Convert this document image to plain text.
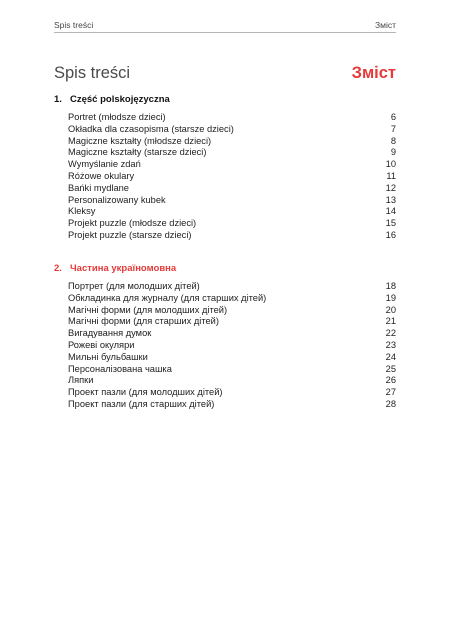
Spis treści	Зміст
Spis treści	Зміст
1. Część polskojęzyczna
Portret (młodsze dzieci)	6
Okładka dla czasopisma (starsze dzieci)	7
Magiczne kształty (młodsze dzieci)	8
Magiczne kształty (starsze dzieci)	9
Wymyślanie zdań	10
Różowe okulary	11
Bańki mydlane	12
Personalizowany kubek	13
Kleksy	14
Projekt puzzle (młodsze dzieci)	15
Projekt puzzle (starsze dzieci)	16
2. Частина україномовна
Портрет (для молодших дітей)	18
Обкладинка для журналу (для старших дітей)	19
Магічні форми (для молодших дітей)	20
Магічні форми (для старших дітей)	21
Вигадування думок	22
Рожеві окуляри	23
Мильні бульбашки	24
Персоналізована чашка	25
Ляпки	26
Проект пазли (для молодших дітей)	27
Проект пазли (для старших дітей)	28
